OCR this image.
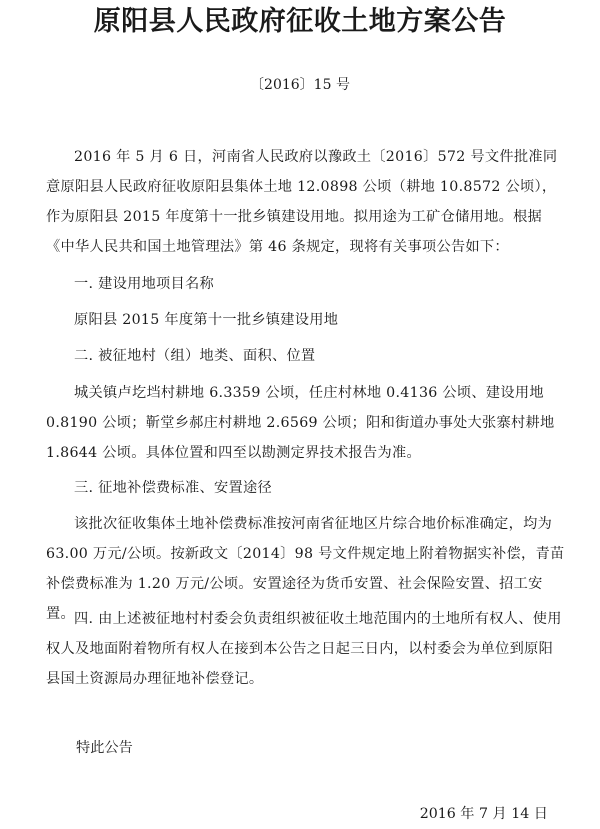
原阳县人民政府征收土地方案公告
〔2016〕15 号
2016 年 5 月 6 日，河南省人民政府以豫政土〔2016〕572 号文件批准同意原阳县人民政府征收原阳县集体土地 12.0898 公顷（耕地 10.8572 公顷），作为原阳县 2015 年度第十一批乡镇建设用地。拟用途为工矿仓储用地。根据《中华人民共和国土地管理法》第 46 条规定，现将有关事项公告如下：
一. 建设用地项目名称
原阳县 2015 年度第十一批乡镇建设用地
二. 被征地村（组）地类、面积、位置
城关镇卢圪垱村耕地 6.3359 公顷，任庄村林地 0.4136 公顷、建设用地 0.8190 公顷；靳堂乡郝庄村耕地 2.6569 公顷；阳和街道办事处大张寨村耕地 1.8644 公顷。具体位置和四至以勘测定界技术报告为准。
三. 征地补偿费标准、安置途径
该批次征收集体土地补偿费标准按河南省征地区片综合地价标准确定，均为 63.00 万元/公顷。按新政文〔2014〕98 号文件规定地上附着物据实补偿，青苗补偿费标准为 1.20 万元/公顷。安置途径为货币安置、社会保险安置、招工安置。 四. 由上述被征地村村委会负责组织被征收土地范围内的土地所有权人、使用权人及地面附着物所有权人在接到本公告之日起三日内，以村委会为单位到原阳县国土资源局办理征地补偿登记。
特此公告
2016 年 7 月 14 日
